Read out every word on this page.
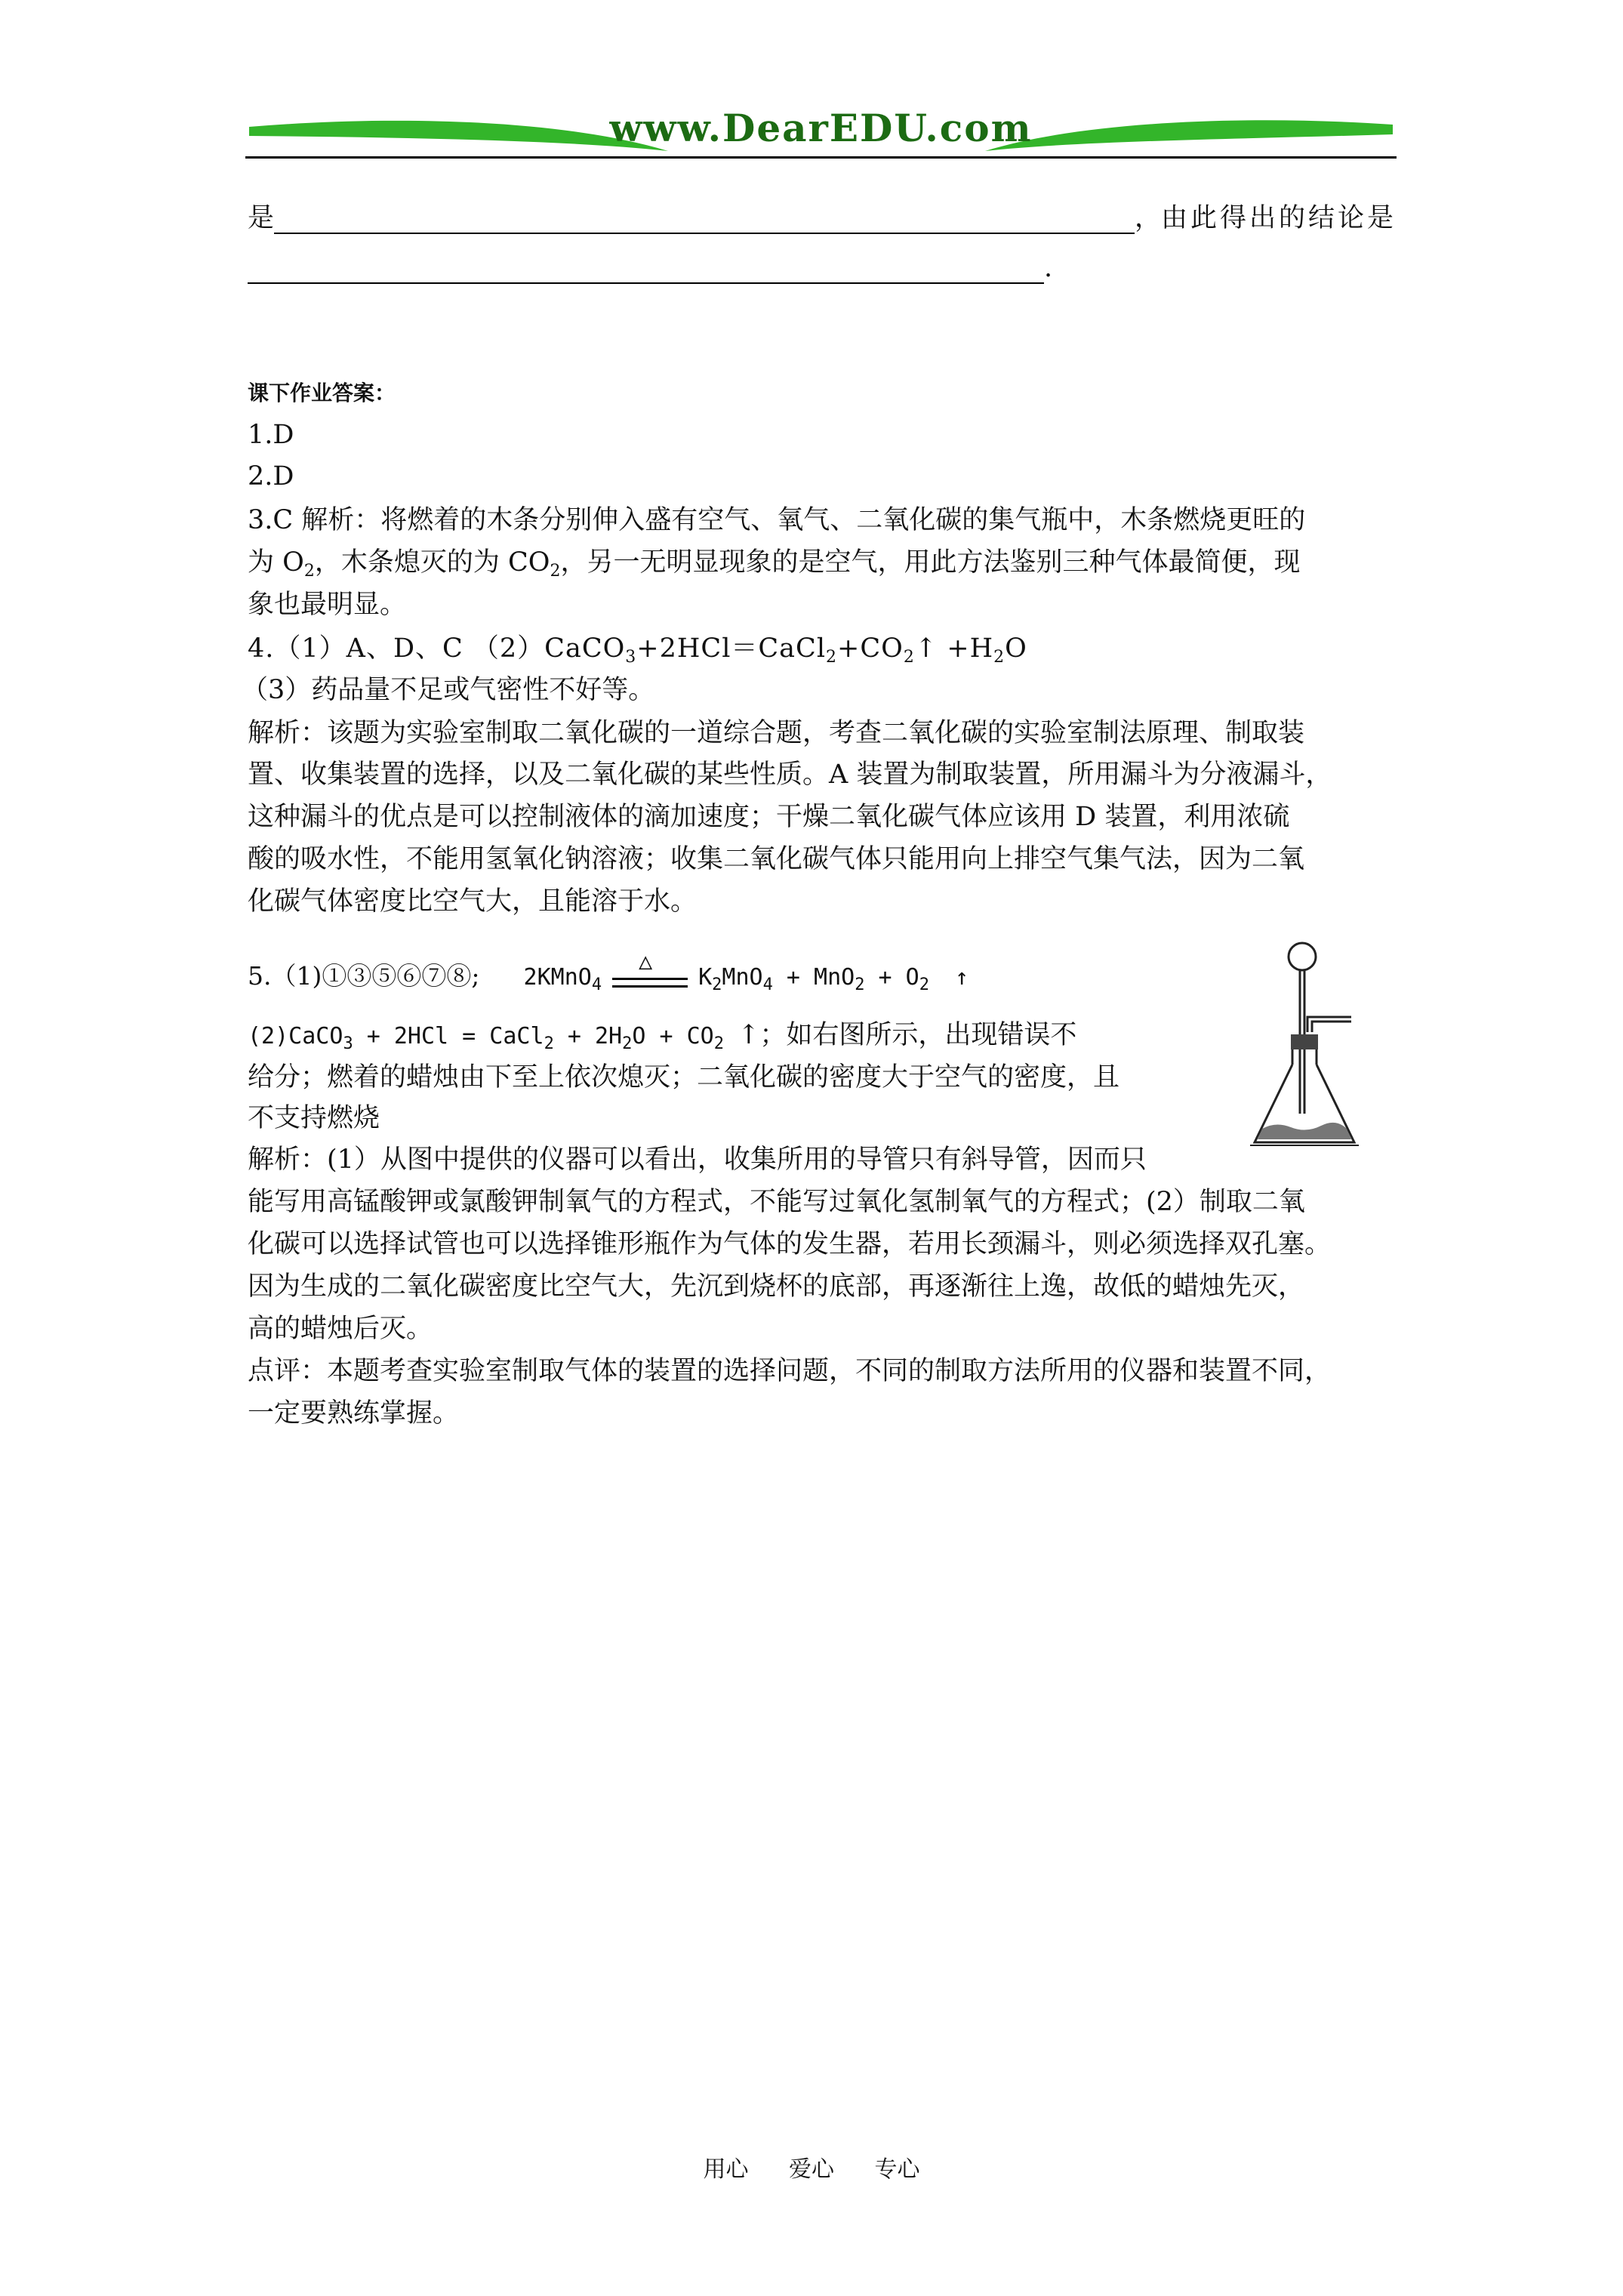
www.DearEDU.com
是	，由此得出的结论是
.
课下作业答案：
1.D
2.D
3.C 解析：将燃着的木条分别伸入盛有空气、氧气、二氧化碳的集气瓶中，木条燃烧更旺的
为 $O_2$，木条熄灭的为 $CO_2$，另一无明显现象的是空气，用此方法鉴别三种气体最简便，现
象也最明显。
4.（1）A、D、C $(2)CaCO_3+2HCl=CaCl_2+CO_2↑ +H_2O$
（3）药品量不足或气密性不好等。
解析：该题为实验室制取二氧化碳的一道综合题，考查二氧化碳的实验室制法原理、制取装
置、收集装置的选择，以及二氧化碳的某些性质。A 装置为制取装置，所用漏斗为分液漏斗，
这种漏斗的优点是可以控制液体的滴加速度；干燥二氧化碳气体应该用 D 装置，利用浓硫
酸的吸水性，不能用氢氧化钠溶液；收集二氧化碳气体只能用向上排空气集气法，因为二氧
化碳气体密度比空气大，且能溶于水。
5.（1)①③⑤⑥⑦⑧; 2KMnO$_4$
△
$K_2MnO_4 + MnO_2 + O_2$ ↑
(2)CaCO$_3$ + 2HCl = CaCl$_2$ + $2H_2O + CO_2$ ↑；如右图所示，出现错误不
给分；燃着的蜡烛由下至上依次熄灭；二氧化碳的密度大于空气的密度，且
不支持燃烧
解析：(1）从图中提供的仪器可以看出，收集所用的导管只有斜导管，因而只
能写用高锰酸钾或氯酸钾制氧气的方程式，不能写过氧化氢制氧气的方程式；(2）制取二氧
化碳可以选择试管也可以选择锥形瓶作为气体的发生器，若用长颈漏斗，则必须选择双孔塞。
因为生成的二氧化碳密度比空气大，先沉到烧杯的底部，再逐渐往上逸，故低的蜡烛先灭，
高的蜡烛后灭。
点评：本题考查实验室制取气体的装置的选择问题，不同的制取方法所用的仪器和装置不同，
一定要熟练掌握。
用心 爱心 专心
